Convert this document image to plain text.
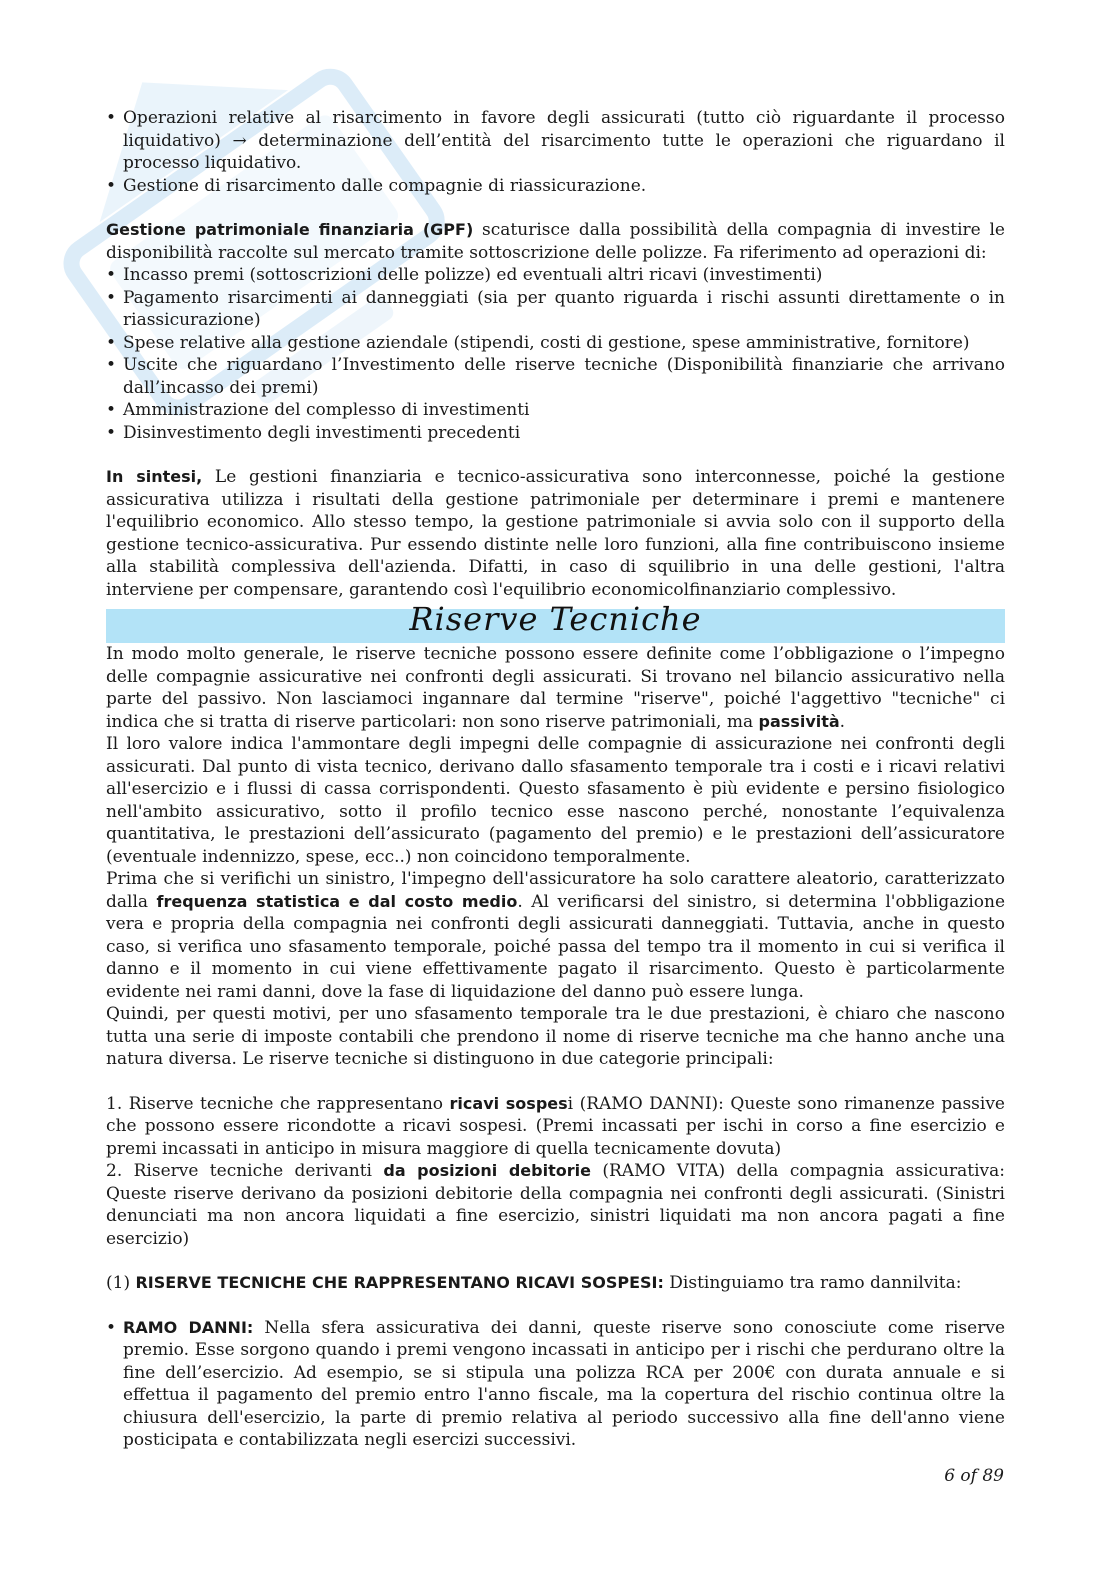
• Operazioni relative al risarcimento in favore degli assicurati (tutto ciò riguardante il processo liquidativo) → determinazione dell’entità del risarcimento tutte le operazioni che riguardano il processo liquidativo.
• Gestione di risarcimento dalle compagnie di riassicurazione.

Gestione patrimoniale finanziaria (GPF) scaturisce dalla possibilità della compagnia di investire le disponibilità raccolte sul mercato tramite sottoscrizione delle polizze. Fa riferimento ad operazioni di:

• Incasso premi (sottoscrizioni delle polizze) ed eventuali altri ricavi (investimenti)
• Pagamento risarcimenti ai danneggiati (sia per quanto riguarda i rischi assunti direttamente o in riassicurazione)
• Spese relative alla gestione aziendale (stipendi, costi di gestione, spese amministrative, fornitore)
• Uscite che riguardano l’Investimento delle riserve tecniche (Disponibilità finanziarie che arrivano dall’incasso dei premi)
• Amministrazione del complesso di investimenti
• Disinvestimento degli investimenti precedenti

In sintesi, Le gestioni finanziaria e tecnico-assicurativa sono interconnesse, poiché la gestione assicurativa utilizza i risultati della gestione patrimoniale per determinare i premi e mantenere l'equilibrio economico. Allo stesso tempo, la gestione patrimoniale si avvia solo con il supporto della gestione tecnico-assicurativa. Pur essendo distinte nelle loro funzioni, alla fine contribuiscono insieme alla stabilità complessiva dell'azienda. Difatti, in caso di squilibrio in una delle gestioni, l'altra interviene per compensare, garantendo così l'equilibrio economicolfinanziario complessivo.

Riserve Tecniche

In modo molto generale, le riserve tecniche possono essere definite come l’obbligazione o l’impegno delle compagnie assicurative nei confronti degli assicurati. Si trovano nel bilancio assicurativo nella parte del passivo. Non lasciamoci ingannare dal termine "riserve", poiché l'aggettivo "tecniche" ci indica che si tratta di riserve particolari: non sono riserve patrimoniali, ma passività.

Il loro valore indica l'ammontare degli impegni delle compagnie di assicurazione nei confronti degli assicurati. Dal punto di vista tecnico, derivano dallo sfasamento temporale tra i costi e i ricavi relativi all'esercizio e i flussi di cassa corrispondenti. Questo sfasamento è più evidente e persino fisiologico nell'ambito assicurativo, sotto il profilo tecnico esse nascono perché, nonostante l’equivalenza quantitativa, le prestazioni dell’assicurato (pagamento del premio) e le prestazioni dell’assicuratore (eventuale indennizzo, spese, ecc..) non coincidono temporalmente.

Prima che si verifichi un sinistro, l'impegno dell'assicuratore ha solo carattere aleatorio, caratterizzato dalla frequenza statistica e dal costo medio. Al verificarsi del sinistro, si determina l'obbligazione vera e propria della compagnia nei confronti degli assicurati danneggiati. Tuttavia, anche in questo caso, si verifica uno sfasamento temporale, poiché passa del tempo tra il momento in cui si verifica il danno e il momento in cui viene effettivamente pagato il risarcimento. Questo è particolarmente evidente nei rami danni, dove la fase di liquidazione del danno può essere lunga.

Quindi, per questi motivi, per uno sfasamento temporale tra le due prestazioni, è chiaro che nascono tutta una serie di imposte contabili che prendono il nome di riserve tecniche ma che hanno anche una natura diversa. Le riserve tecniche si distinguono in due categorie principali:

1. Riserve tecniche che rappresentano ricavi sospesi (RAMO DANNI): Queste sono rimanenze passive che possono essere ricondotte a ricavi sospesi. (Premi incassati per ischi in corso a fine esercizio e premi incassati in anticipo in misura maggiore di quella tecnicamente dovuta)

2. Riserve tecniche derivanti da posizioni debitorie (RAMO VITA) della compagnia assicurativa: Queste riserve derivano da posizioni debitorie della compagnia nei confronti degli assicurati. (Sinistri denunciati ma non ancora liquidati a fine esercizio, sinistri liquidati ma non ancora pagati a fine esercizio)

(1) RISERVE TECNICHE CHE RAPPRESENTANO RICAVI SOSPESI: Distinguiamo tra ramo dannilvita:

• RAMO DANNI: Nella sfera assicurativa dei danni, queste riserve sono conosciute come riserve premio. Esse sorgono quando i premi vengono incassati in anticipo per i rischi che perdurano oltre la fine dell’esercizio. Ad esempio, se si stipula una polizza RCA per 200€ con durata annuale e si effettua il pagamento del premio entro l'anno fiscale, ma la copertura del rischio continua oltre la chiusura dell'esercizio, la parte di premio relativa al periodo successivo alla fine dell'anno viene posticipata e contabilizzata negli esercizi successivi.
6 of 89
